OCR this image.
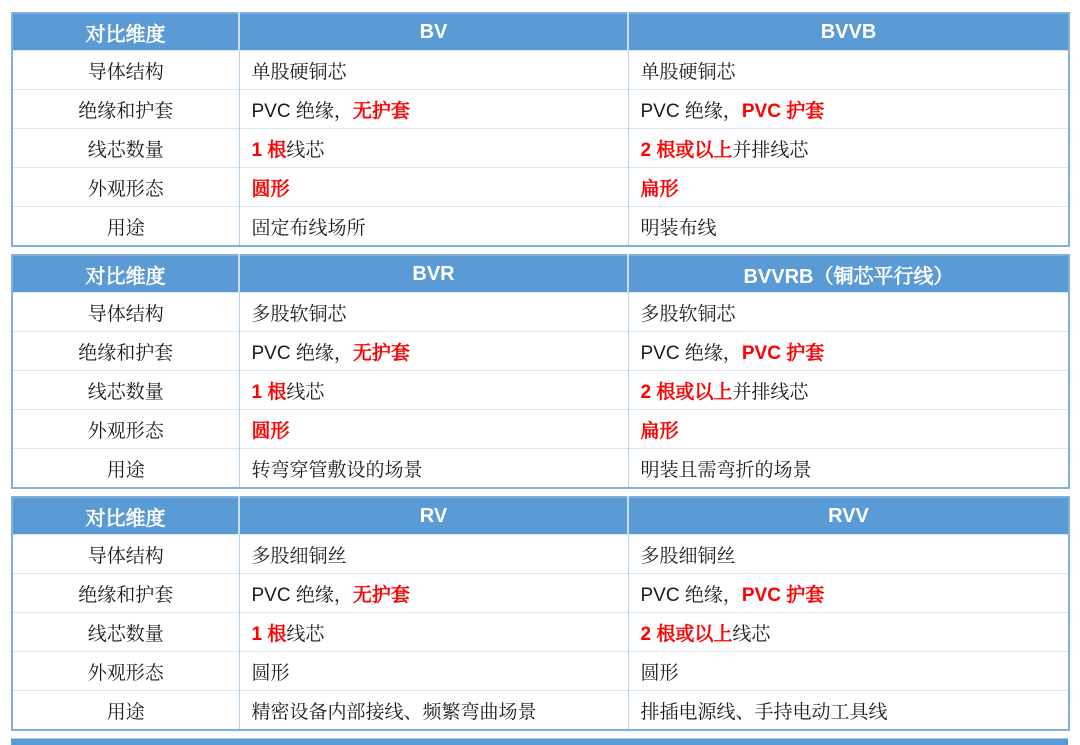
对比维度	BV	BVVB
导体结构	单股硬铜芯	单股硬铜芯
绝缘和护套	PVC 绝缘，无护套	PVC 绝缘，PVC 护套
线芯数量	1 根线芯	2 根或以上并排线芯
外观形态	圆形	扁形
用途	固定布线场所	明装布线
对比维度	BVR	BVVRB（铜芯平行线）
导体结构	多股软铜芯	多股软铜芯
绝缘和护套	PVC 绝缘，无护套	PVC 绝缘，PVC 护套
线芯数量	1 根线芯	2 根或以上并排线芯
外观形态	圆形	扁形
用途	转弯穿管敷设的场景	明装且需弯折的场景
对比维度	RV	RVV
导体结构	多股细铜丝	多股细铜丝
绝缘和护套	PVC 绝缘，无护套	PVC 绝缘，PVC 护套
线芯数量	1 根线芯	2 根或以上线芯
外观形态	圆形	圆形
用途	精密设备内部接线、频繁弯曲场景	排插电源线、手持电动工具线
